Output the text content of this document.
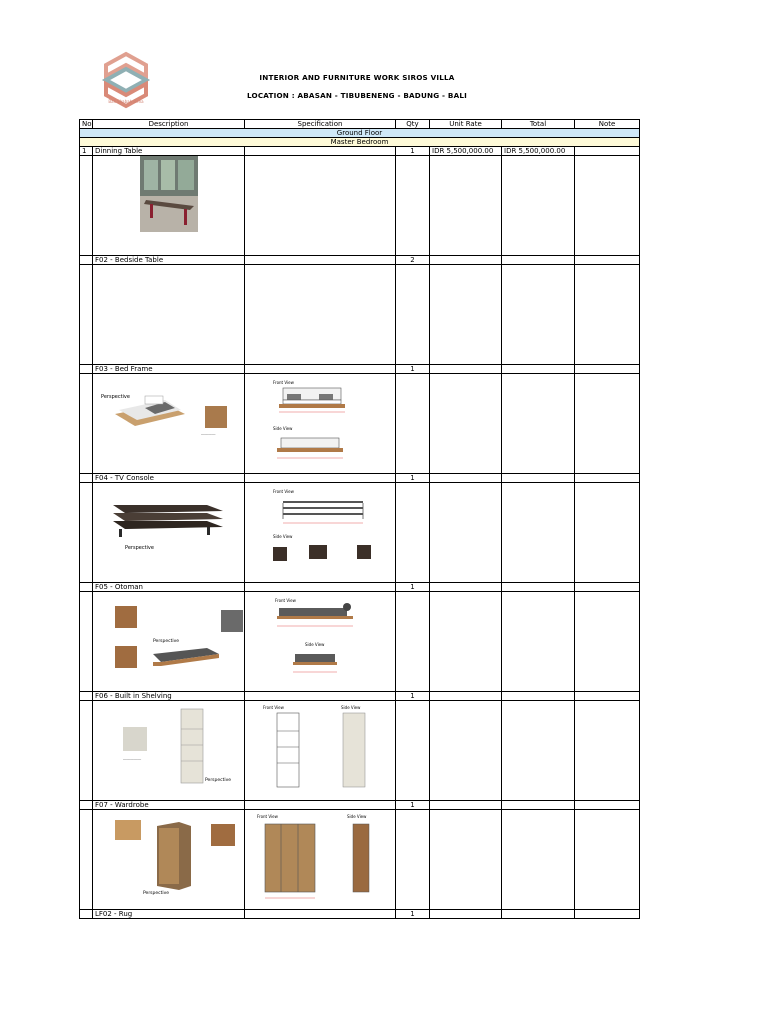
Bali Shabah Bena
INTERIOR AND FURNITURE WORK SIROS VILLA
LOCATION : ABASAN - TIBUBENENG - BADUNG - BALI
No	Description	Specification	Qty	Unit Rate	Total	Note
Ground Floor						
Master Bedroom						
1	Dinning Table		1	IDR 5,500,000.00	IDR 5,500,000.00	

	F02 - Bedside Table		2			

	F03 - Bed Frame		1			

Perspective
────────	Front View
Side View				

	F04 - TV Console		1			

Perspective	Front View
Side View				

	F05 - Otoman		1			

Perspective	Front View
Side View				

	F06 - Built in Shelving		1			

──────────
Perspective	Front View Side View				

	F07 - Wardrobe		1			

Perspective	Front View Side View				

	LF02 - Rug		1			
